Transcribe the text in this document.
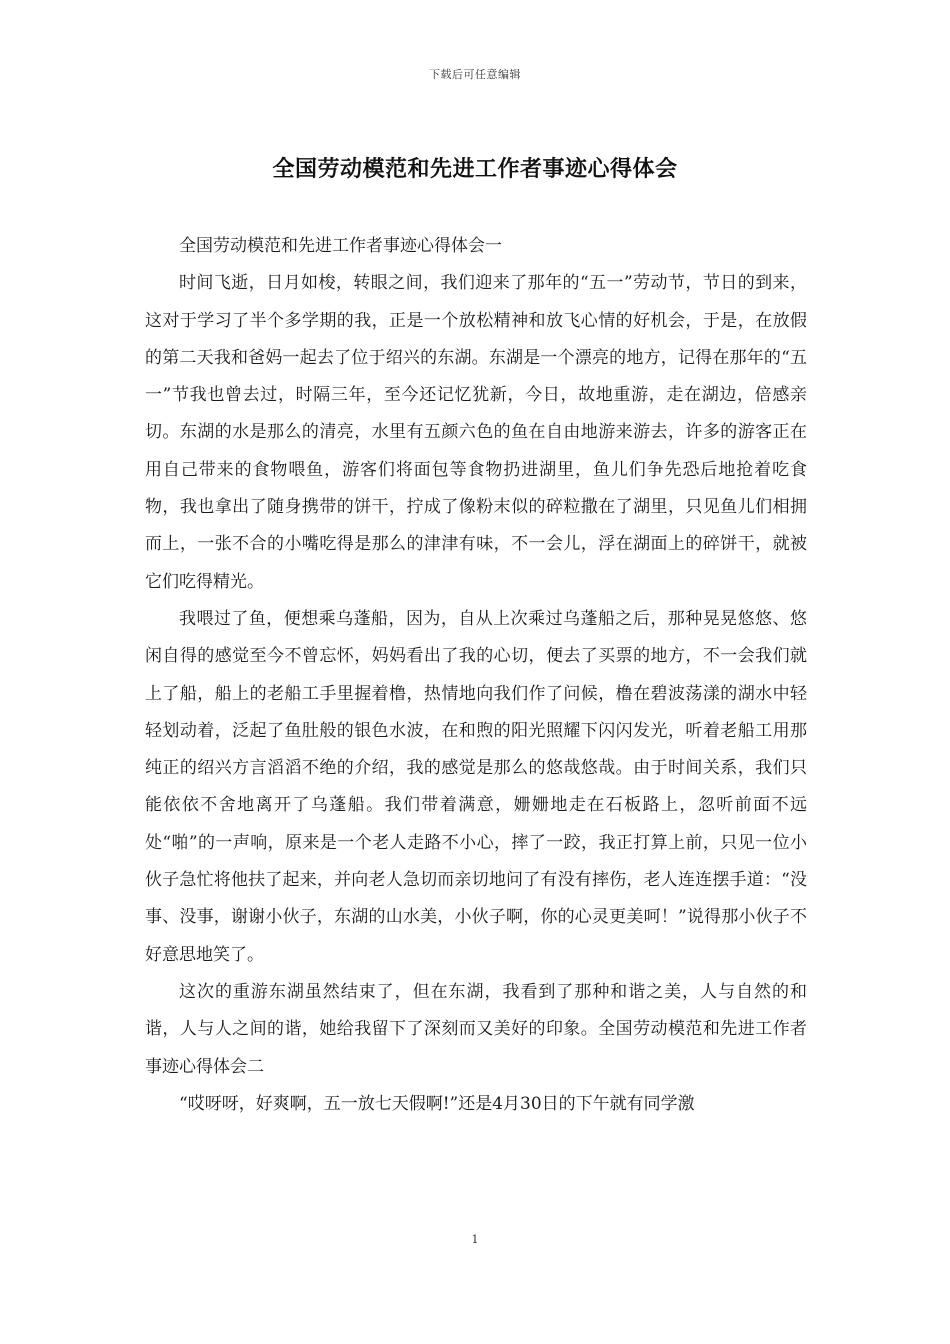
下载后可任意编辑
全国劳动模范和先进工作者事迹心得体会

全国劳动模范和先进工作者事迹心得体会一

时间飞逝，日月如梭，转眼之间，我们迎来了那年的“五一”劳动节，节日的到来，这对于学习了半个多学期的我，正是一个放松精神和放飞心情的好机会，于是，在放假的第二天我和爸妈一起去了位于绍兴的东湖。东湖是一个漂亮的地方，记得在那年的“五一”节我也曾去过，时隔三年，至今还记忆犹新，今日，故地重游，走在湖边，倍感亲切。东湖的水是那么的清亮，水里有五颜六色的鱼在自由地游来游去，许多的游客正在用自己带来的食物喂鱼，游客们将面包等食物扔进湖里，鱼儿们争先恐后地抢着吃食物，我也拿出了随身携带的饼干，拧成了像粉末似的碎粒撒在了湖里，只见鱼儿们相拥而上，一张不合的小嘴吃得是那么的津津有味，不一会儿，浮在湖面上的碎饼干，就被它们吃得精光。

我喂过了鱼，便想乘乌蓬船，因为，自从上次乘过乌蓬船之后，那种晃晃悠悠、悠闲自得的感觉至今不曾忘怀，妈妈看出了我的心切，便去了买票的地方，不一会我们就上了船，船上的老船工手里握着橹，热情地向我们作了问候，橹在碧波荡漾的湖水中轻轻划动着，泛起了鱼肚般的银色水波，在和煦的阳光照耀下闪闪发光，听着老船工用那纯正的绍兴方言滔滔不绝的介绍，我的感觉是那么的悠哉悠哉。由于时间关系，我们只能依依不舍地离开了乌蓬船。我们带着满意，姗姗地走在石板路上，忽听前面不远处“啪”的一声响，原来是一个老人走路不小心，摔了一跤，我正打算上前，只见一位小伙子急忙将他扶了起来，并向老人急切而亲切地问了有没有摔伤，老人连连摆手道：“没事、没事，谢谢小伙子，东湖的山水美，小伙子啊，你的心灵更美呵！”说得那小伙子不好意思地笑了。

这次的重游东湖虽然结束了，但在东湖，我看到了那种和谐之美，人与自然的和谐，人与人之间的谐，她给我留下了深刻而又美好的印象。全国劳动模范和先进工作者事迹心得体会二

“哎呀呀，好爽啊，五一放七天假啊!”还是4月30日的下午就有同学激

1
